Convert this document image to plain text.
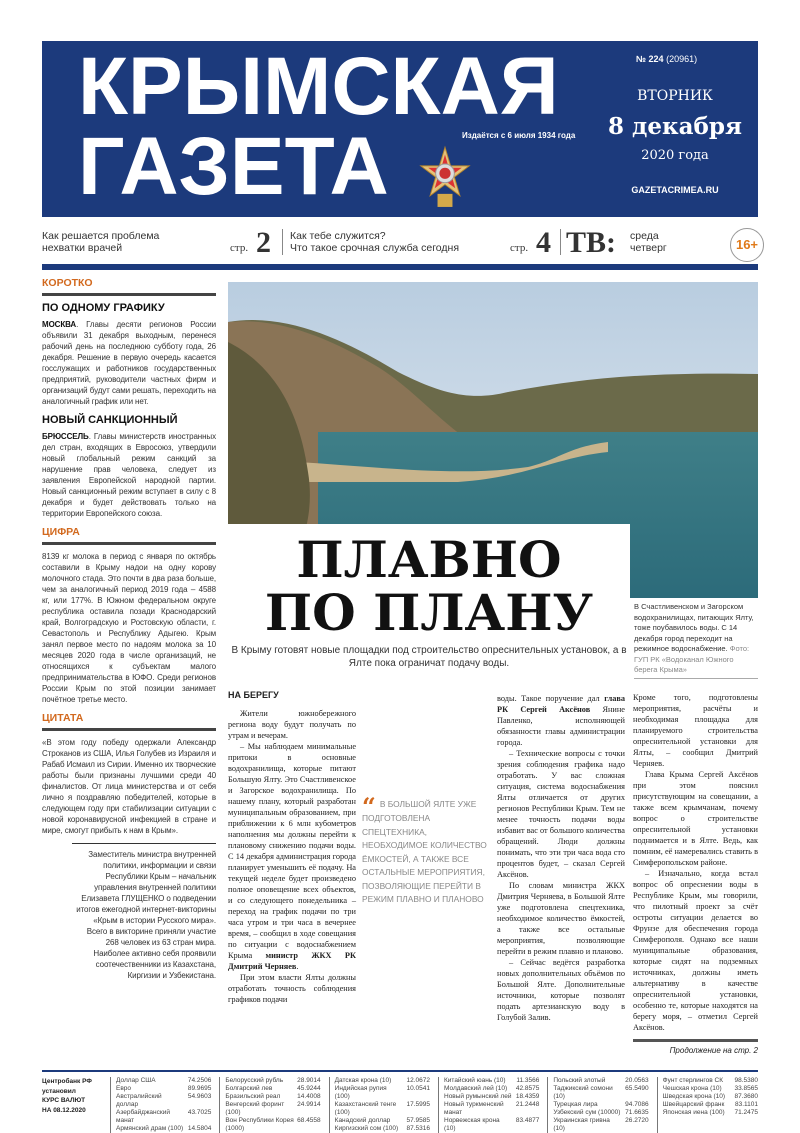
КРЫМСКАЯ
ГАЗЕТА	Издаётся с 6 июля 1934 года
№ 224 (20961)
ВТОРНИК
8 декабря
2020 года
GAZETACRIMEA.RU
Как решается проблема нехватки врачей	стр. 2 Как тебе служится?
Что такое срочная служба сегодня	стр. 4 ТВ: среда
четверг	16+
КОРОТКО
ПО ОДНОМУ ГРАФИКУ
МОСКВА. Главы десяти регионов России объявили 31 декабря выходным, перенеся рабочий день на последнюю субботу года, 26 декабря. Решение в первую очередь касается госслужащих и работников государственных предприятий, руководители частных фирм и организаций будут сами решать, переходить на аналогичный график или нет.
НОВЫЙ САНКЦИОННЫЙ
БРЮССЕЛЬ. Главы министерств иностранных дел стран, входящих в Евросоюз, утвердили новый глобальный режим санкций за нарушение прав человека, следует из заявления Европейской народной партии. Новый санкционный режим вступает в силу с 8 декабря и будет действовать только на территории Европейского союза.
ЦИФРА
8139 кг молока в период с января по октябрь составили в Крыму надои на одну корову молочного стада. Это почти в два раза больше, чем за аналогичный период 2019 года – 4588 кг, или 177%. В Южном федеральном округе республика оставила позади Краснодарский край, Волгоградскую и Ростовскую области, г. Севастополь и Республику Адыгею. Крым занял первое место по надоям молока за 10 месяцев 2020 года в числе организаций, не относящихся к субъектам малого предпринимательства в ЮФО. Среди регионов России Крым по этой позиции занимает почётное третье место.
ЦИТАТА
«В этом году победу одержали Александр Строканов из США, Илья Голубев из Израиля и Рабаб Исмаил из Сирии. Именно их творческие работы были признаны лучшими среди 40 финалистов. От лица министерства и от себя лично я поздравляю победителей, которые в следующем году при стабилизации ситуации с новой коронавирусной инфекцией в стране и мире, смогут прибыть к нам в Крым».
Заместитель министра внутренней политики, информации и связи Республики Крым – начальник управления внутренней политики Елизавета ГЛУЩЕНКО о подведении итогов ежегодной интернет-викторины «Крым в истории Русского мира». Всего в викторине приняли участие 268 человек из 63 стран мира. Наиболее активно себя проявили соотечественники из Казахстана, Киргизии и Узбекистана.
ПЛАВНО
ПО ПЛАНУ
В Крыму готовят новые площадки под строительство опреснительных установок, а в Ялте пока ограничат подачу воды.
В Счастливенском и Загорском водохранилищах, питающих Ялту, тоже поубавилось воды. С 14 декабря город переходит на режимное водоснабжение. Фото: ГУП РК «Водоканал Южного берега Крыма»
НА БЕРЕГУ

Жители южнобережного региона воду будут получать по утрам и вечерам.

– Мы наблюдаем минимальные притоки в основные водохранилища, которые питают Большую Ялту. Это Счастливенское и Загорское водохранилища. По нашему плану, который разработан муниципальным образованием, при приближении к 6 млн кубометров наполнения мы должны перейти к плановому снижению подачи воды. С 14 декабря администрация города планирует уменьшить её подачу. На текущей неделе будет произведено полное оповещение всех объектов, и со следующего понедельника – переход на график подачи по три часа утром и три часа в вечернее время, – сообщил в ходе совещания по ситуации с водоснабжением Крыма министр ЖКХ РК Дмитрий Черняев.

При этом власти Ялты должны отработать точность соблюдения графиков подачи

“ В БОЛЬШОЙ ЯЛТЕ УЖЕ ПОДГОТОВЛЕНА СПЕЦТЕХНИКА, НЕОБХОДИМОЕ КОЛИЧЕСТВО ЁМКОСТЕЙ, А ТАКЖЕ ВСЕ ОСТАЛЬНЫЕ МЕРОПРИЯТИЯ, ПОЗВОЛЯЮЩИЕ ПЕРЕЙТИ В РЕЖИМ ПЛАВНО И ПЛАНОВО

воды. Такое поручение дал глава РК Сергей Аксёнов Янине Павленко, исполняющей обязанности главы администрации города.

– Технические вопросы с точки зрения соблюдения графика надо отработать. У вас сложная ситуация, система водоснабжения Ялты отличается от других регионов Республики Крым. Тем не менее точность подачи воды избавит вас от большого количества обращений. Люди должны понимать, что эти три часа вода сто процентов будет, – сказал Сергей Аксёнов.

По словам министра ЖКХ Дмитрия Черняева, в Большой Ялте уже подготовлена спецтехника, необходимое количество ёмкостей, а также все остальные мероприятия, позволяющие перейти в режим плавно и планово.

– Сейчас ведётся разработка новых дополнительных объёмов по Большой Ялте. Дополнительные источники, которые позволят подать артезианскую воду в Голубой Залив.

Кроме того, подготовлены мероприятия, расчёты и необходимая площадка для планируемого строительства опреснительной установки для Ялты, – сообщил Дмитрий Черняев.

Глава Крыма Сергей Аксёнов при этом пояснил присутствующим на совещании, а также всем крымчанам, почему вопрос о строительстве опреснительной установки поднимается и в Ялте. Ведь, как помним, её намеревались ставить в Симферопольском районе.

– Изначально, когда встал вопрос об опреснении воды в Республике Крым, мы говорили, что пилотный проект за счёт остроты ситуации делается во Фрунзе для обеспечения города Симферополя. Однако все наши муниципальные образования, которые сидят на подземных источниках, должны иметь альтернативу в качестве опреснительной установки, особенно те, которые находятся на берегу моря, – отметил Сергей Аксёнов.

Продолжение на стр. 2
Центробанк РФ
установил
КУРС ВАЛЮТ
НА 08.12.2020
Доллар США	74.2506
Евро	89.9695
Австралийский доллар
54.9603
Азербайджанский манат
43.7025
Армянский драм (100) 14.5804
Белорусский рубль 28.9014
Болгарский лев	45.9244
Бразильский реал	14.4008
Венгерский форинт (100)
24.9914
Вон Республики Корея (1000)
68.4558
Датская крона (10) 12.0672
Индийская рупия (100)
10.0541
Казахстанский тенге (100)
17.5995
Канадский доллар 57.9585
Киргизский сом (100) 87.5316
Китайский юань (10) 11.3566
Молдавский лей (10) 42.8575
Новый румынский лей 18.4359
Новый туркменский манат
21.2448
Норвежская крона (10)
83.4877
Польский злотый	20.0563
Таджикский сомони (10)
65.5490
Турецкая лира	94.7086
Узбекский сум (10000) 71.6635
Украинская гривна (10)
26.2720
Фунт стерлингов СК 98.5380
Чешская крона (10) 33.8565
Шведская крона (10) 87.3680
Швейцарский франк 83.1101
Японская иена (100) 71.2475
